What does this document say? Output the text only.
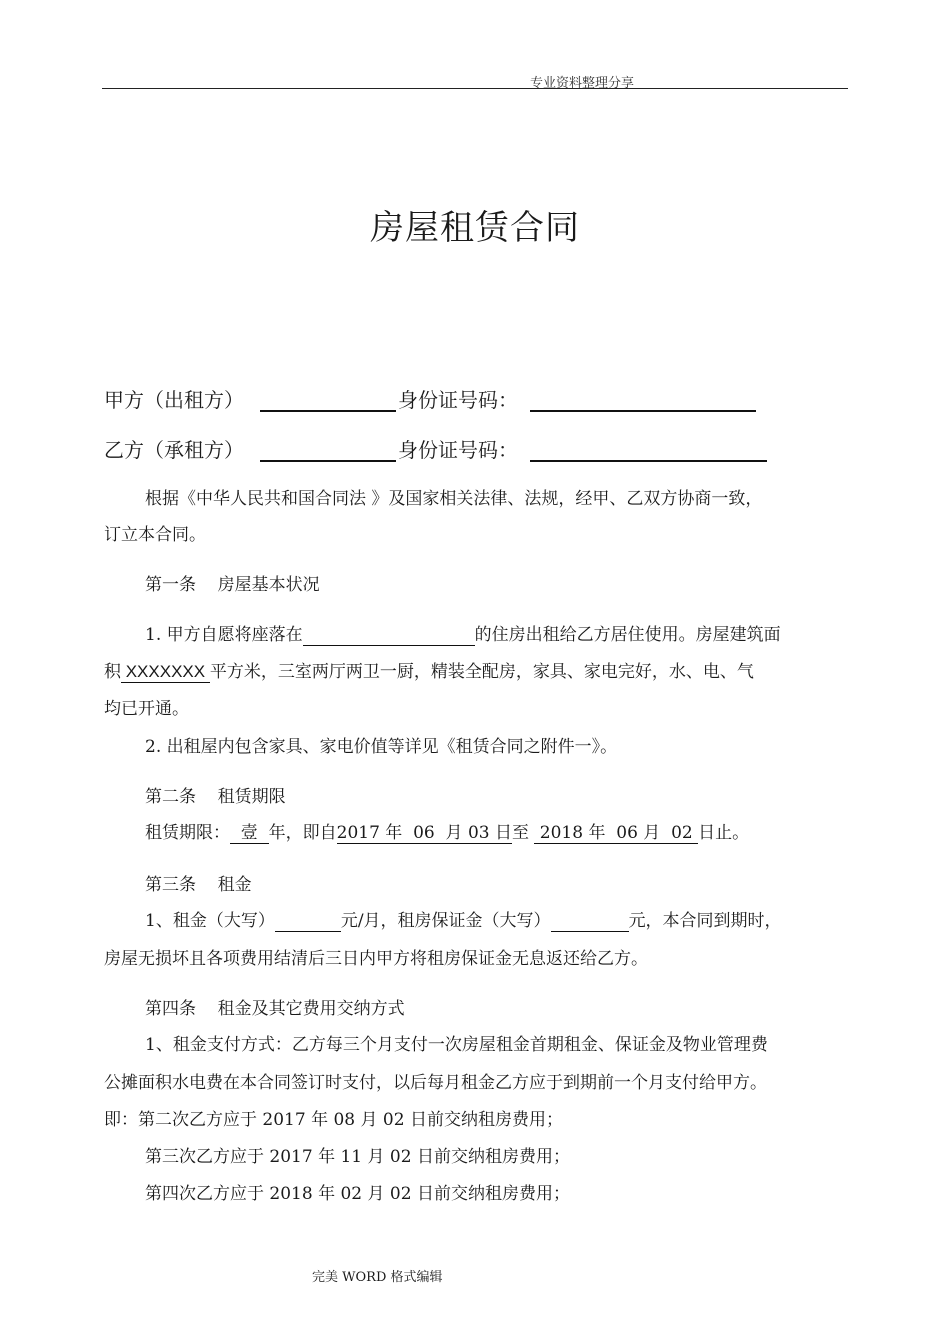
专业资料整理分享
房屋租赁合同
甲方（出租方）	身份证号码：
乙方（承租方）	身份证号码：
根据《中华人民共和国合同法 》及国家相关法律、法规，经甲、乙双方协商一致，
订立本合同。
第一条    房屋基本状况
1. 甲方自愿将座落在	的住房出租给乙方居住使用。房屋建筑面
积 XXXXXXX 平方米，三室两厅两卫一厨，精装全配房，家具、家电完好，水、电、气
均已开通。
2. 出租屋内包含家具、家电价值等详见《租赁合同之附件一》。
第二条    租赁期限
租赁期限：  壹  年，即自2017 年  06  月 03 日至  2018 年  06 月  02 日止。
第三条    租金
1、租金（大写）	元/月，租房保证金（大写）	元，本合同到期时，
房屋无损坏且各项费用结清后三日内甲方将租房保证金无息返还给乙方。
第四条    租金及其它费用交纳方式
1、租金支付方式：乙方每三个月支付一次房屋租金首期租金、保证金及物业管理费
公摊面积水电费在本合同签订时支付，以后每月租金乙方应于到期前一个月支付给甲方。
即：第二次乙方应于 2017 年 08 月 02 日前交纳租房费用；
第三次乙方应于 2017 年 11 月 02 日前交纳租房费用；
第四次乙方应于 2018 年 02 月 02 日前交纳租房费用；
完美 WORD 格式编辑
